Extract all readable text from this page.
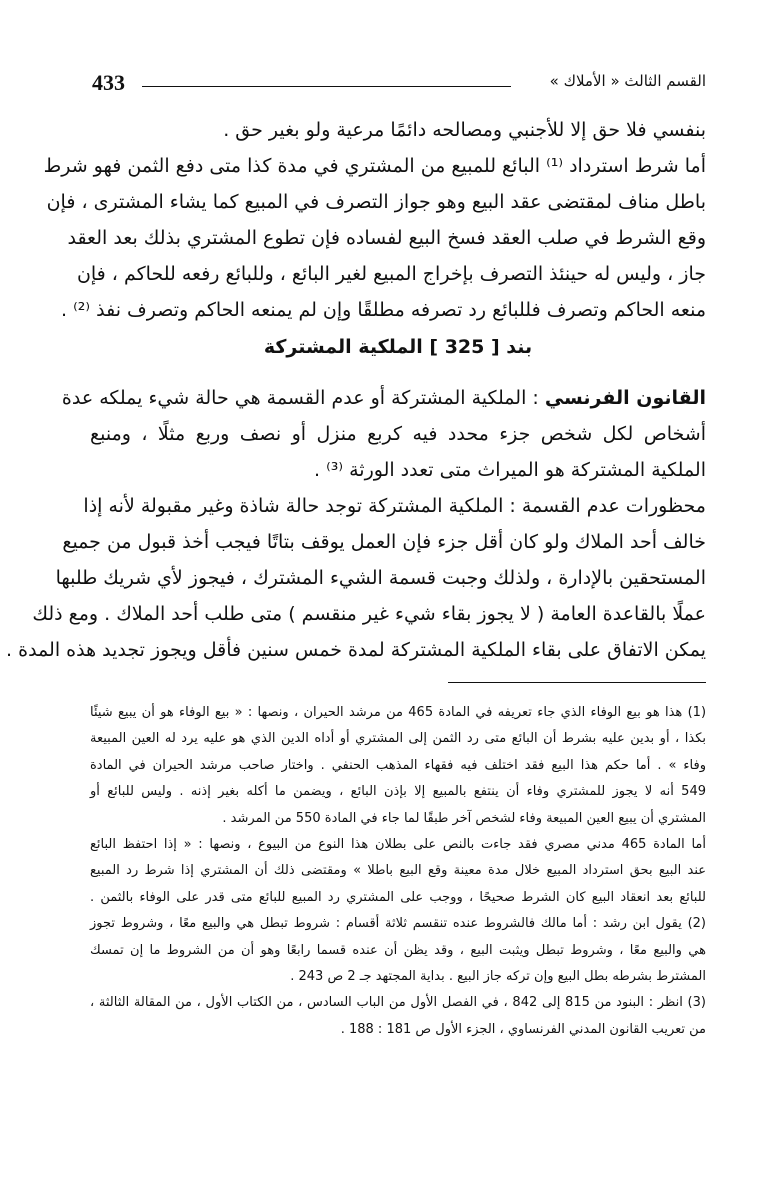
433	القسم الثالث « الأملاك »
بنفسي فلا حق إلا للأجنبي ومصالحه دائمًا مرعية ولو بغير حق .
أما شرط استرداد ⁽¹⁾ البائع للمبيع من المشتري في مدة كذا متى دفع الثمن فهو شرط
باطل مناف لمقتضى عقد البيع وهو جواز التصرف في المبيع كما يشاء المشترى ، فإن
وقع الشرط في صلب العقد فسخ البيع لفساده فإن تطوع المشتري بذلك بعد العقد
جاز ، وليس له حينئذ التصرف بإخراج المبيع لغير البائع ، وللبائع رفعه للحاكم ، فإن
منعه الحاكم وتصرف فللبائع رد تصرفه مطلقًا وإن لم يمنعه الحاكم وتصرف نفذ ⁽²⁾ .
بند [ 325 ] الملكية المشتركة
القانون الفرنسي : الملكية المشتركة أو عدم القسمة هي حالة شيء يملكه عدة
أشخاص لكل شخص جزء محدد فيه كربع منزل أو نصف وربع مثلًا ، ومنبع
الملكية المشتركة هو الميراث متى تعدد الورثة ⁽³⁾ .
محظورات عدم القسمة : الملكية المشتركة توجد حالة شاذة وغير مقبولة لأنه إذا
خالف أحد الملاك ولو كان أقل جزء فإن العمل يوقف بتاتًا فيجب أخذ قبول من جميع
المستحقين بالإدارة ، ولذلك وجبت قسمة الشيء المشترك ، فيجوز لأي شريك طلبها
عملًا بالقاعدة العامة ( لا يجوز بقاء شيء غير منقسم ) متى طلب أحد الملاك . ومع ذلك
يمكن الاتفاق على بقاء الملكية المشتركة لمدة خمس سنين فأقل ويجوز تجديد هذه المدة .
(1) هذا هو بيع الوفاء الذي جاء تعريفه في المادة 465 من مرشد الحيران ، ونصها : « بيع الوفاء هو أن يبيع شيئًا
بكذا ، أو بدين عليه بشرط أن البائع متى رد الثمن إلى المشتري أو أداه الدين الذي هو عليه يرد له العين المبيعة
وفاء » . أما حكم هذا البيع فقد اختلف فيه فقهاء المذهب الحنفي . واختار صاحب مرشد الحيران في المادة
549 أنه لا يجوز للمشتري وفاء أن ينتفع بالمبيع إلا بإذن البائع ، ويضمن ما أكله بغير إذنه . وليس للبائع أو
المشتري أن يبيع العين المبيعة وفاء لشخص آخر طبقًا لما جاء في المادة 550 من المرشد .
أما المادة 465 مدني مصري فقد جاءت بالنص على بطلان هذا النوع من البيوع ، ونصها : « إذا احتفظ البائع
عند البيع بحق استرداد المبيع خلال مدة معينة وقع البيع باطلا » ومقتضى ذلك أن المشتري إذا شرط رد المبيع
للبائع بعد انعقاد البيع كان الشرط صحيحًا ، ووجب على المشتري رد المبيع للبائع متى قدر على الوفاء بالثمن .
(2) يقول ابن رشد : أما مالك فالشروط عنده تنقسم ثلاثة أقسام : شروط تبطل هي والبيع معًا ، وشروط تجوز
هي والبيع معًا ، وشروط تبطل ويثبت البيع ، وقد يظن أن عنده قسما رابعًا وهو أن من الشروط ما إن تمسك
المشترط بشرطه بطل البيع وإن تركه جاز البيع . بداية المجتهد جـ 2 ص 243 .
(3) انظر : البنود من 815 إلى 842 ، في الفصل الأول من الباب السادس ، من الكتاب الأول ، من المقالة الثالثة ،
من تعريب القانون المدني الفرنساوي ، الجزء الأول ص 181 : 188 .
